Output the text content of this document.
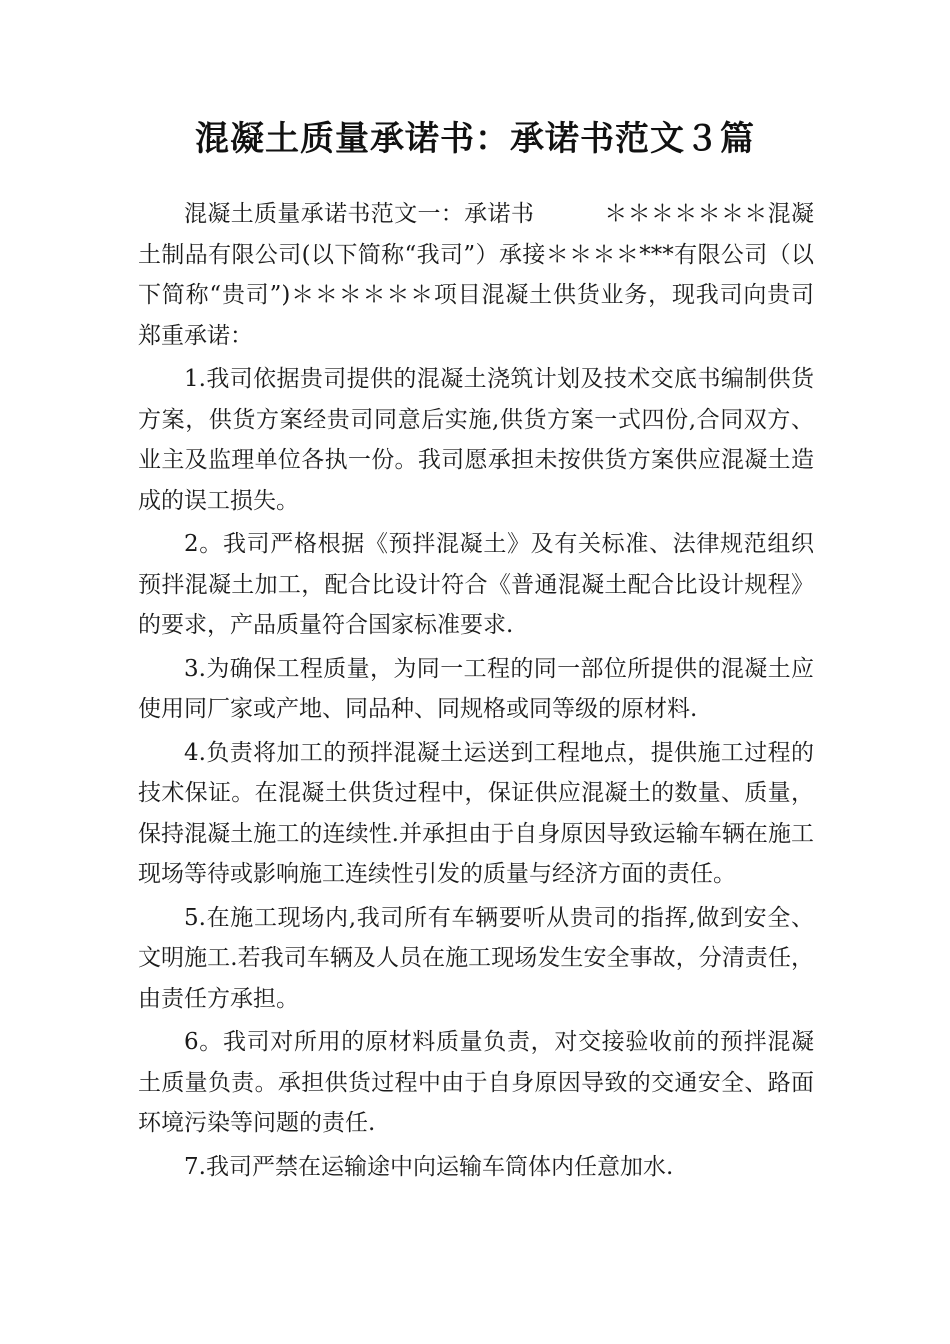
混凝土质量承诺书：承诺书范文３篇

混凝土质量承诺书范文一：承诺书　　　＊＊＊＊＊＊＊混凝土制品有限公司(以下简称“我司”）承接＊＊＊＊***有限公司（以下简称“贵司”)＊＊＊＊＊＊项目混凝土供货业务，现我司向贵司郑重承诺：

1.我司依据贵司提供的混凝土浇筑计划及技术交底书编制供货方案，供货方案经贵司同意后实施,供货方案一式四份,合同双方、业主及监理单位各执一份。我司愿承担未按供货方案供应混凝土造成的误工损失。

2。我司严格根据《预拌混凝土》及有关标准、法律规范组织预拌混凝土加工，配合比设计符合《普通混凝土配合比设计规程》的要求，产品质量符合国家标准要求.

3.为确保工程质量，为同一工程的同一部位所提供的混凝土应使用同厂家或产地、同品种、同规格或同等级的原材料.

4.负责将加工的预拌混凝土运送到工程地点，提供施工过程的技术保证。在混凝土供货过程中，保证供应混凝土的数量、质量，保持混凝土施工的连续性.并承担由于自身原因导致运输车辆在施工现场等待或影响施工连续性引发的质量与经济方面的责任。

5.在施工现场内,我司所有车辆要听从贵司的指挥,做到安全、文明施工.若我司车辆及人员在施工现场发生安全事故，分清责任，由责任方承担。

6。我司对所用的原材料质量负责，对交接验收前的预拌混凝土质量负责。承担供货过程中由于自身原因导致的交通安全、路面环境污染等问题的责任.

7.我司严禁在运输途中向运输车筒体内任意加水.
